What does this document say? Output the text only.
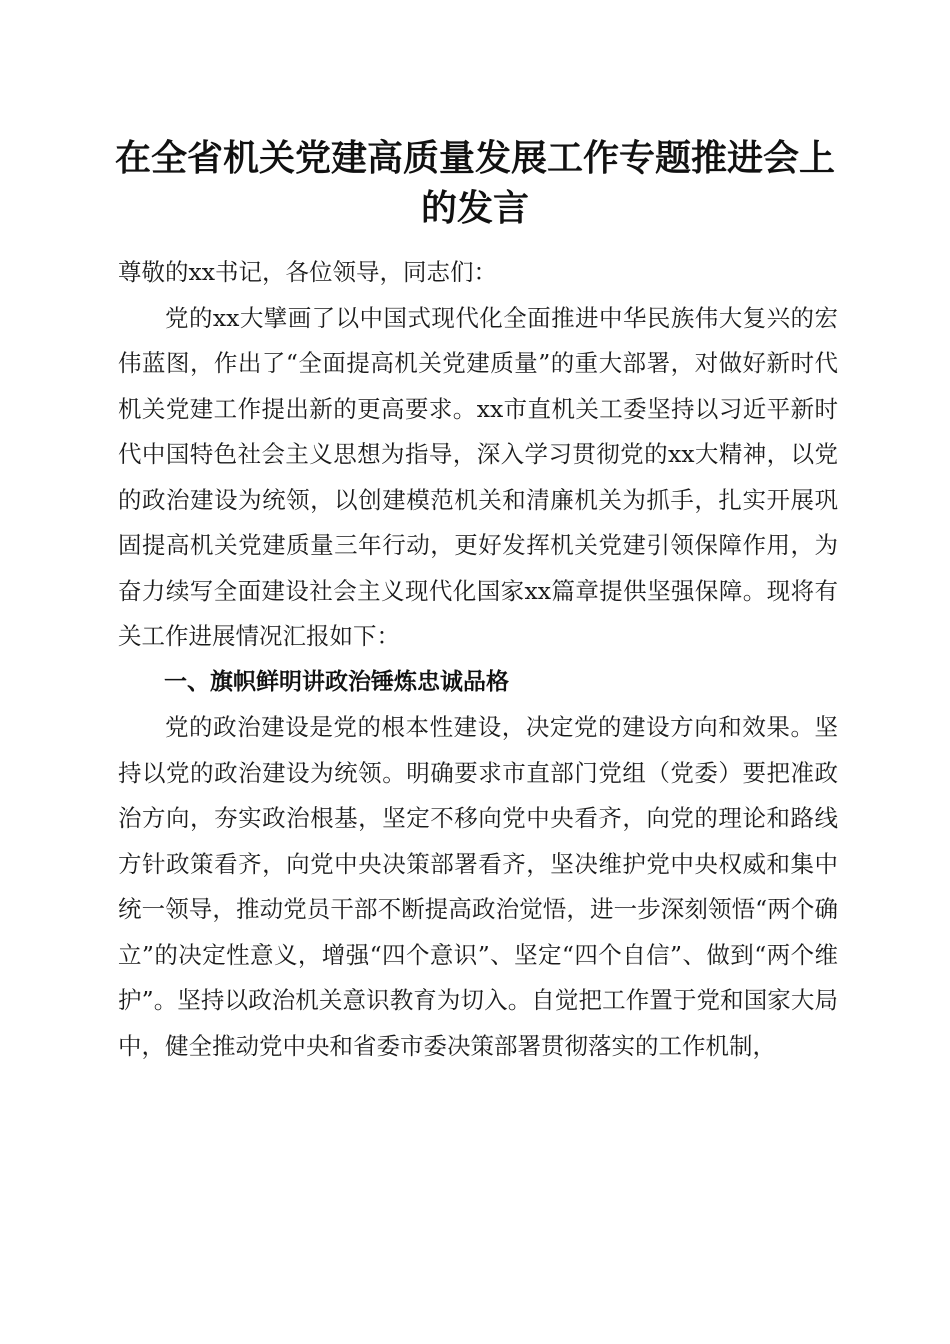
在全省机关党建高质量发展工作专题推进会上
的发言

尊敬的xx书记，各位领导，同志们：

党的xx大擘画了以中国式现代化全面推进中华民族伟大复兴的宏伟蓝图，作出了“全面提高机关党建质量”的重大部署，对做好新时代机关党建工作提出新的更高要求。xx市直机关工委坚持以习近平新时代中国特色社会主义思想为指导，深入学习贯彻党的xx大精神，以党的政治建设为统领，以创建模范机关和清廉机关为抓手，扎实开展巩固提高机关党建质量三年行动，更好发挥机关党建引领保障作用，为奋力续写全面建设社会主义现代化国家xx篇章提供坚强保障。现将有关工作进展情况汇报如下：

一、旗帜鲜明讲政治锤炼忠诚品格

党的政治建设是党的根本性建设，决定党的建设方向和效果。坚持以党的政治建设为统领。明确要求市直部门党组（党委）要把准政治方向，夯实政治根基，坚定不移向党中央看齐，向党的理论和路线方针政策看齐，向党中央决策部署看齐，坚决维护党中央权威和集中统一领导，推动党员干部不断提高政治觉悟，进一步深刻领悟“两个确立”的决定性意义，增强“四个意识”、坚定“四个自信”、做到“两个维护”。坚持以政治机关意识教育为切入。自觉把工作置于党和国家大局中，健全推动党中央和省委市委决策部署贯彻落实的工作机制，
